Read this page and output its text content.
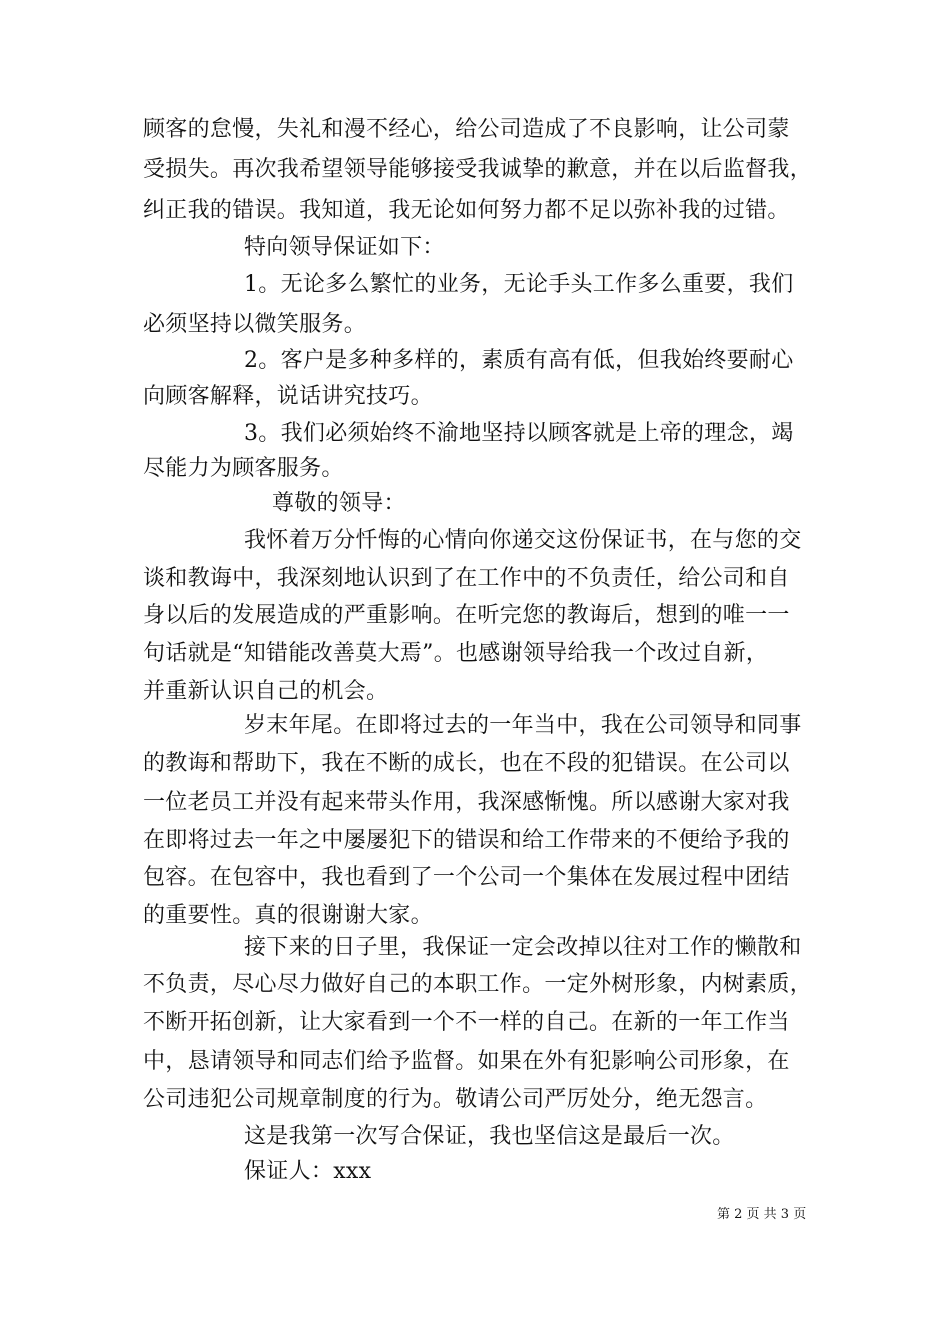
顾客的怠慢，失礼和漫不经心，给公司造成了不良影响，让公司蒙
受损失。再次我希望领导能够接受我诚挚的歉意，并在以后监督我，
纠正我的错误。我知道，我无论如何努力都不足以弥补我的过错。
特向领导保证如下：
1。无论多么繁忙的业务，无论手头工作多么重要，我们
必须坚持以微笑服务。
2。客户是多种多样的，素质有高有低，但我始终要耐心
向顾客解释，说话讲究技巧。
3。我们必须始终不渝地坚持以顾客就是上帝的理念，竭
尽能力为顾客服务。
尊敬的领导：
我怀着万分忏悔的心情向你递交这份保证书，在与您的交
谈和教诲中，我深刻地认识到了在工作中的不负责任，给公司和自
身以后的发展造成的严重影响。在听完您的教诲后，想到的唯一一
句话就是“知错能改善莫大焉”。也感谢领导给我一个改过自新，
并重新认识自己的机会。
岁末年尾。在即将过去的一年当中，我在公司领导和同事
的教诲和帮助下，我在不断的成长，也在不段的犯错误。在公司以
一位老员工并没有起来带头作用，我深感惭愧。所以感谢大家对我
在即将过去一年之中屡屡犯下的错误和给工作带来的不便给予我的
包容。在包容中，我也看到了一个公司一个集体在发展过程中团结
的重要性。真的很谢谢大家。
接下来的日子里，我保证一定会改掉以往对工作的懒散和
不负责，尽心尽力做好自己的本职工作。一定外树形象，内树素质，
不断开拓创新，让大家看到一个不一样的自己。在新的一年工作当
中，恳请领导和同志们给予监督。如果在外有犯影响公司形象，在
公司违犯公司规章制度的行为。敬请公司严厉处分，绝无怨言。
这是我第一次写合保证，我也坚信这是最后一次。
保证人：xxx
第 2 页 共 3 页
